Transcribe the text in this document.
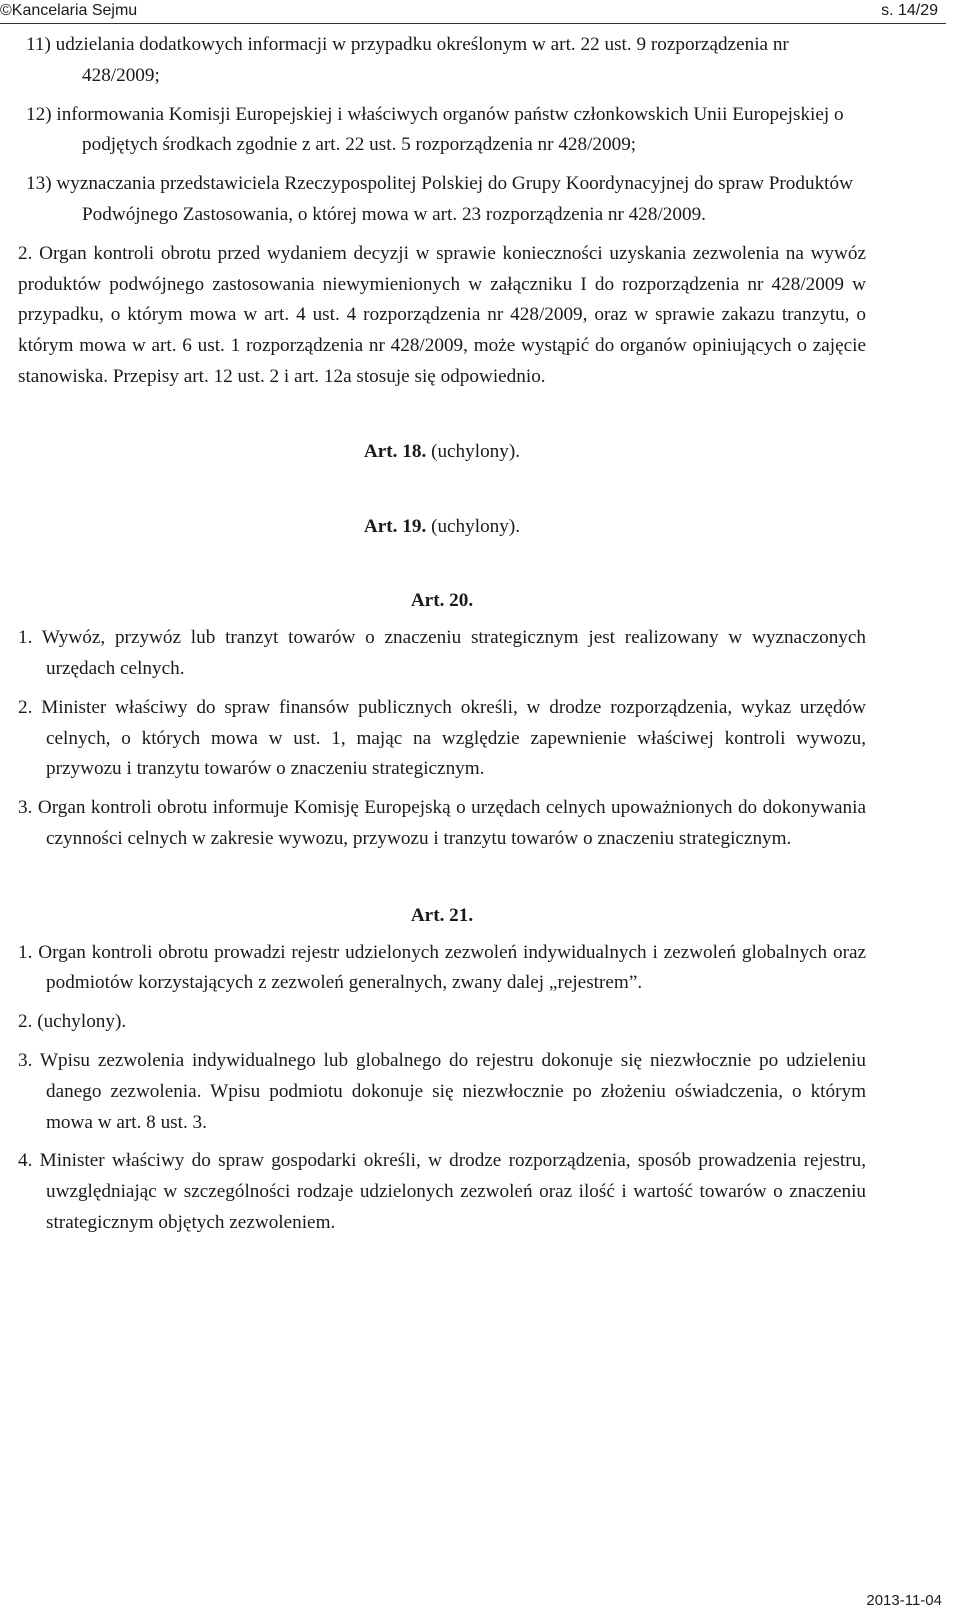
©Kancelaria Sejmu	s. 14/29

11) udzielania dodatkowych informacji w przypadku określonym w art. 22 ust. 9 rozporządzenia nr 428/2009;

12) informowania Komisji Europejskiej i właściwych organów państw członkowskich Unii Europejskiej o podjętych środkach zgodnie z art. 22 ust. 5 rozporządzenia nr 428/2009;

13) wyznaczania przedstawiciela Rzeczypospolitej Polskiej do Grupy Koordynacyjnej do spraw Produktów Podwójnego Zastosowania, o której mowa w art. 23 rozporządzenia nr 428/2009.

2. Organ kontroli obrotu przed wydaniem decyzji w sprawie konieczności uzyskania zezwolenia na wywóz produktów podwójnego zastosowania niewymienionych w załączniku I do rozporządzenia nr 428/2009 w przypadku, o którym mowa w art. 4 ust. 4 rozporządzenia nr 428/2009, oraz w sprawie zakazu tranzytu, o którym mowa w art. 6 ust. 1 rozporządzenia nr 428/2009, może wystąpić do organów opiniujących o zajęcie stanowiska. Przepisy art. 12 ust. 2 i art. 12a stosuje się odpowiednio.

Art. 18. (uchylony).

Art. 19. (uchylony).

Art. 20.

1. Wywóz, przywóz lub tranzyt towarów o znaczeniu strategicznym jest realizowany w wyznaczonych urzędach celnych.

2. Minister właściwy do spraw finansów publicznych określi, w drodze rozporządzenia, wykaz urzędów celnych, o których mowa w ust. 1, mając na względzie zapewnienie właściwej kontroli wywozu, przywozu i tranzytu towarów o znaczeniu strategicznym.

3. Organ kontroli obrotu informuje Komisję Europejską o urzędach celnych upoważnionych do dokonywania czynności celnych w zakresie wywozu, przywozu i tranzytu towarów o znaczeniu strategicznym.

Art. 21.

1. Organ kontroli obrotu prowadzi rejestr udzielonych zezwoleń indywidualnych i zezwoleń globalnych oraz podmiotów korzystających z zezwoleń generalnych, zwany dalej „rejestrem”.

2. (uchylony).

3. Wpisu zezwolenia indywidualnego lub globalnego do rejestru dokonuje się niezwłocznie po udzieleniu danego zezwolenia. Wpisu podmiotu dokonuje się niezwłocznie po złożeniu oświadczenia, o którym mowa w art. 8 ust. 3.

4. Minister właściwy do spraw gospodarki określi, w drodze rozporządzenia, sposób prowadzenia rejestru, uwzględniając w szczególności rodzaje udzielonych zezwoleń oraz ilość i wartość towarów o znaczeniu strategicznym objętych zezwoleniem.

2013-11-04
